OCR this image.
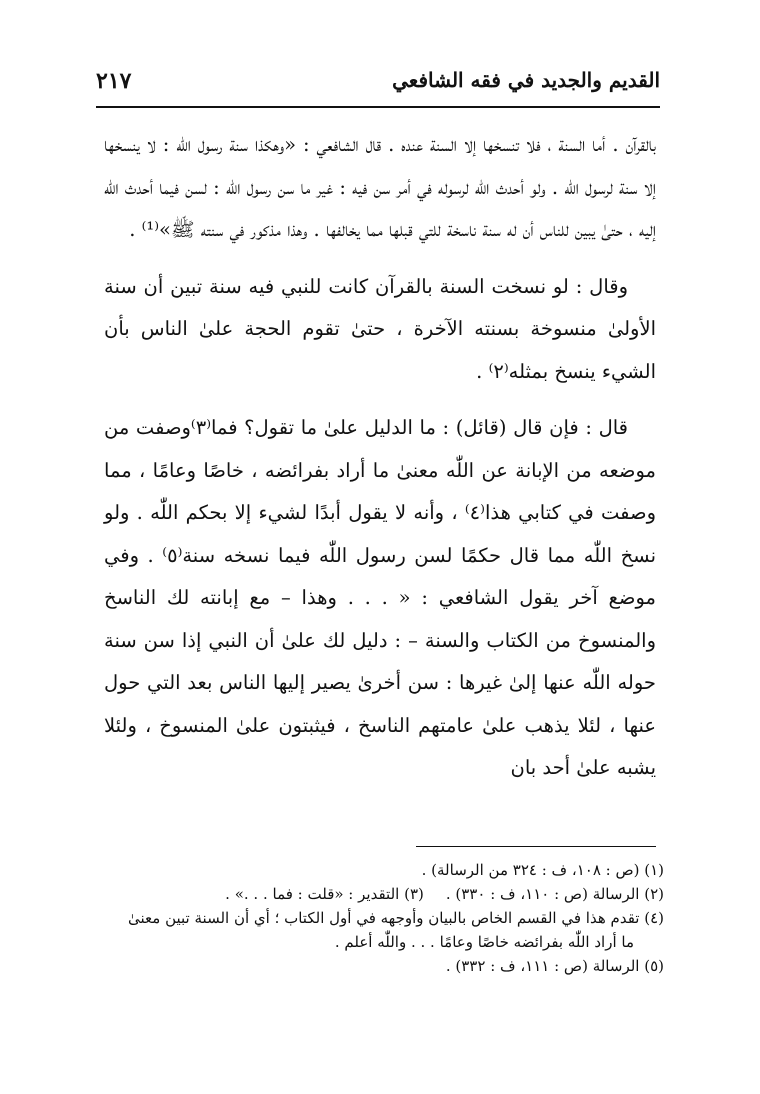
القديم والجديد في فقه الشافعي
٢١٧

بالقرآن . أما السنة ، فلا تنسخها إلا السنة عنده . قال الشافعي : «وهكذا سنة رسول اللّٰه : لا ينسخها إلا سنة لرسول اللّٰه . ولو أحدث اللّٰه لرسوله في أمر سن فيه : غير ما سن رسول اللّٰه : لسن فيما أحدث اللّٰه إليه ، حتىٰ يبين للناس أن له سنة ناسخة للتي قبلها مما يخالفها . وهذا مذكور في سنته ﷺ»⁽¹⁾ .

وقال : لو نسخت السنة بالقرآن كانت للنبي فيه سنة تبين أن سنة الأولىٰ منسوخة بسنته الآخرة ، حتىٰ تقوم الحجة علىٰ الناس بأن الشيء ينسخ بمثله⁽٢⁾ .

قال : فإن قال (قائل) : ما الدليل علىٰ ما تقول؟ فما⁽٣⁾وصفت من موضعه من الإبانة عن اللّٰه معنىٰ ما أراد بفرائضه ، خاصًا وعامًا ، مما وصفت في كتابي هذا⁽٤⁾ ، وأنه لا يقول أبدًا لشيء إلا بحكم اللّٰه . ولو نسخ اللّٰه مما قال حكمًا لسن رسول اللّٰه فيما نسخه سنة⁽٥⁾ . وفي موضع آخر يقول الشافعي : « . . . وهذا – مع إبانته لك الناسخ والمنسوخ من الكتاب والسنة – : دليل لك علىٰ أن النبي إذا سن سنة حوله اللّٰه عنها إلىٰ غيرها : سن أخرىٰ يصير إليها الناس بعد التي حول عنها ، لئلا يذهب علىٰ عامتهم الناسخ ، فيثبتون علىٰ المنسوخ ، ولئلا يشبه علىٰ أحد بان

(١) (ص : ١٠٨، ف : ٣٢٤ من الرسالة) .

(٢) الرسالة (ص : ١١٠، ف : ٣٣٠) .(٣) التقدير : «قلت : فما . . .» .

(٤) تقدم هذا في القسم الخاص بالبيان وأوجهه في أول الكتاب ؛ أي أن السنة تبين معنىٰ
ما أراد اللّٰه بفرائضه خاصًا وعامًا . . . واللّٰه أعلم .

(٥) الرسالة (ص : ١١١، ف : ٣٣٢) .
